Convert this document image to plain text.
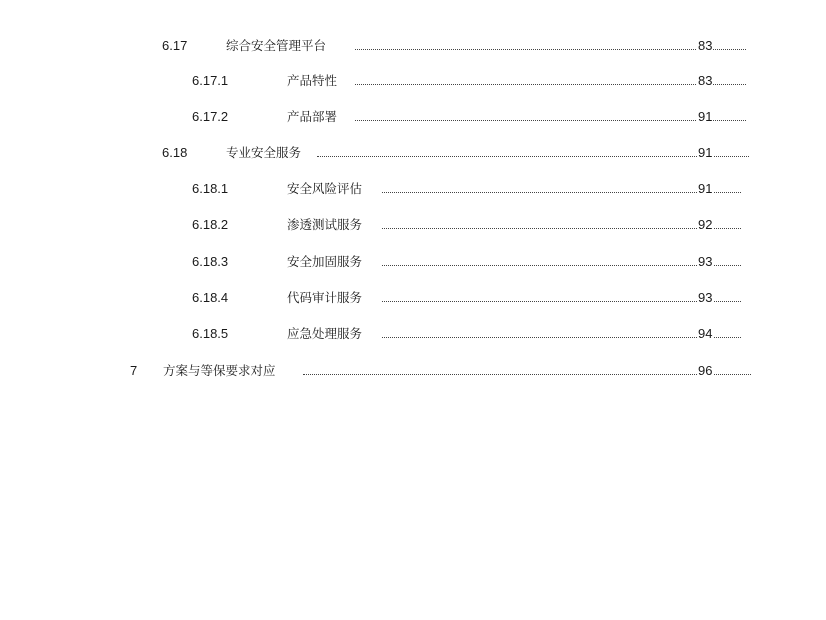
6.17	综合安全管理平台	83
6.17.1	产品特性	83
6.17.2	产品部署	91
6.18	专业安全服务	91
6.18.1	安全风险评估	91
6.18.2	渗透测试服务	92
6.18.3	安全加固服务	93
6.18.4	代码审计服务	93
6.18.5	应急处理服务	94
7 方案与等保要求对应	96
